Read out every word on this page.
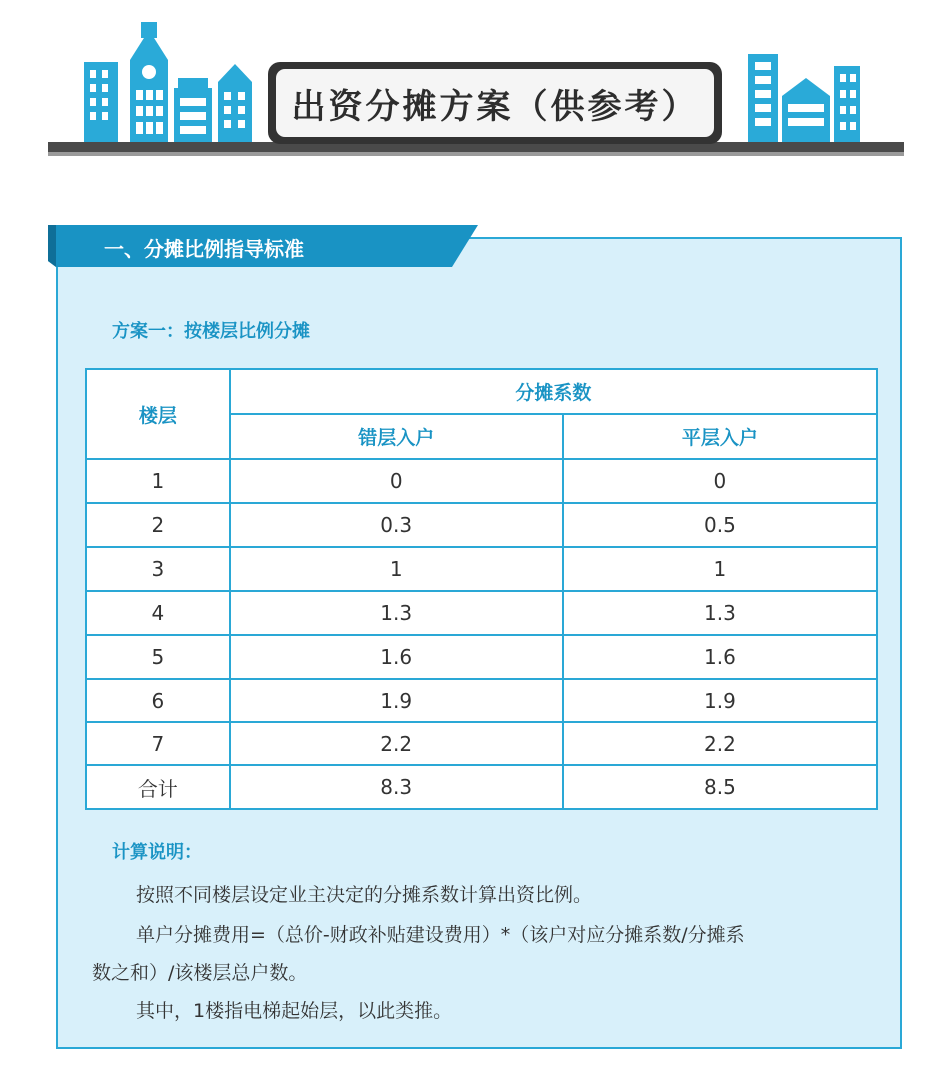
出资分摊方案（供参考）
一、分摊比例指导标准
方案一：按楼层比例分摊
楼层	分摊系数	
	错层入户	平层入户
1	0	0
2	0.3	0.5
3	1	1
4	1.3	1.3
5	1.6	1.6
6	1.9	1.9
7	2.2	2.2
合计	8.3	8.5
计算说明：
按照不同楼层设定业主决定的分摊系数计算出资比例。
单户分摊费用=（总价-财政补贴建设费用）*（该户对应分摊系数/分摊系
数之和）/该楼层总户数。
其中，1楼指电梯起始层，以此类推。
